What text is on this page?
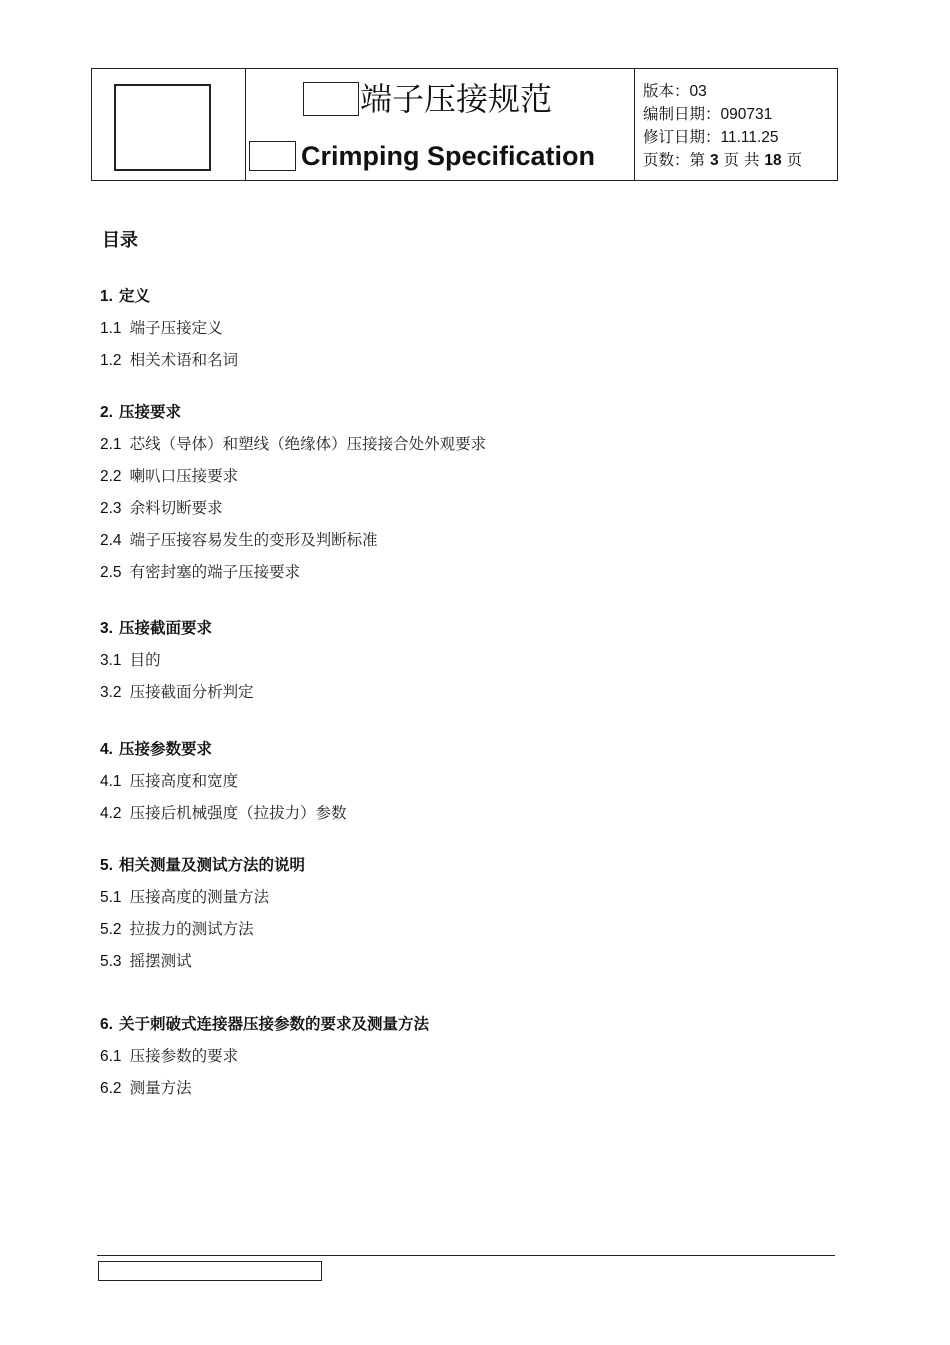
端子压接规范
Crimping Specification
版本：03
编制日期：090731
修订日期：11.11.25
页数：第 3 页 共 18 页
目录
1. 定义
1.1 端子压接定义
1.2 相关术语和名词
2. 压接要求
2.1 芯线（导体）和塑线（绝缘体）压接接合处外观要求
2.2 喇叭口压接要求
2.3 余料切断要求
2.4 端子压接容易发生的变形及判断标准
2.5 有密封塞的端子压接要求
3. 压接截面要求
3.1 目的
3.2 压接截面分析判定
4. 压接参数要求
4.1 压接高度和宽度
4.2 压接后机械强度（拉拔力）参数
5. 相关测量及测试方法的说明
5.1 压接高度的测量方法
5.2 拉拔力的测试方法
5.3 摇摆测试
6. 关于刺破式连接器压接参数的要求及测量方法
6.1 压接参数的要求
6.2 测量方法
